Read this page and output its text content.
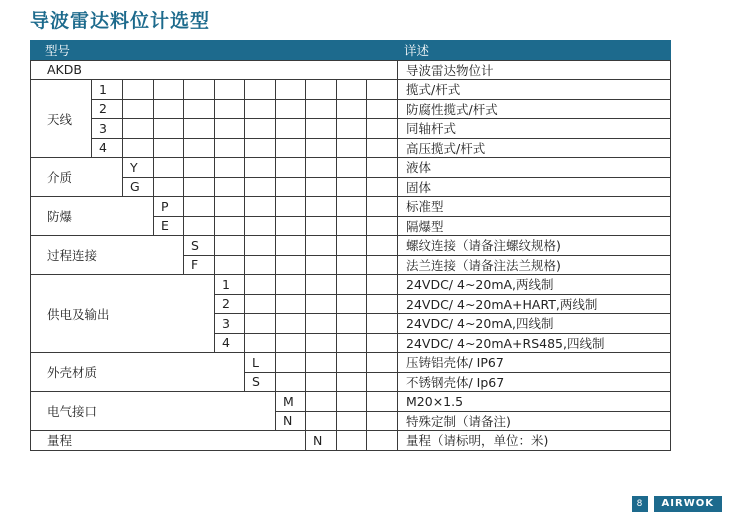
导波雷达料位计选型
型号											详述
AKDB											导波雷达物位计
天线	1										揽式/杆式
	2										防腐性揽式/杆式
	3										同轴杆式
	4										高压揽式/杆式
介质		Y									液体
		G									固体
防爆			P								标准型
			E								隔爆型
过程连接				S							螺纹连接（请备注螺纹规格)
				F							法兰连接（请备注法兰规格)
供电及输出					1						24VDC/ 4~20mA,两线制
					2						24VDC/ 4~20mA+HART,两线制
					3						24VDC/ 4~20mA,四线制
					4						24VDC/ 4~20mA+RS485,四线制
外壳材质						L					压铸铝壳体/ IP67
						S					不锈钢壳体/ Ip67
电气接口							M				M20×1.5
							N				特殊定制（请备注)
量程								N			量程（请标明，单位：米)
8	AIRWOK
